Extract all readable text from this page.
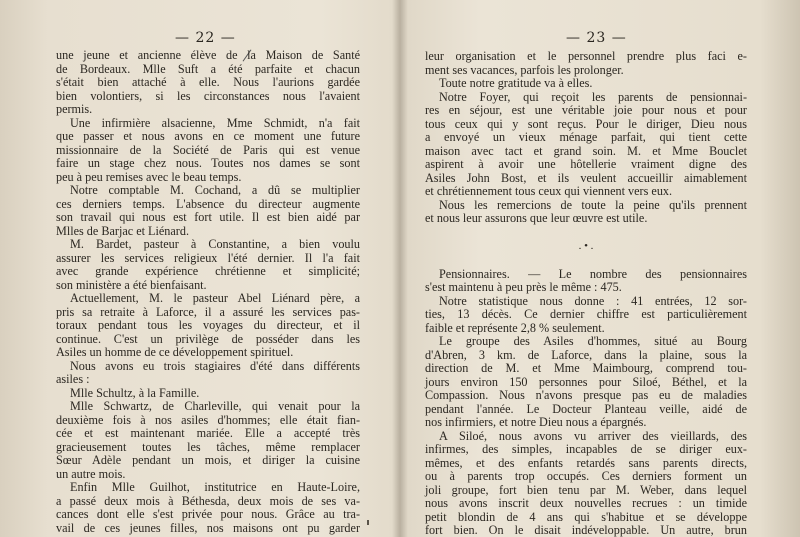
— 22 —
une jeune et ancienne élève de la Maison de Santé
de Bordeaux. Mlle Suft a été parfaite et chacun
s'était bien attaché à elle. Nous l'aurions gardée
bien volontiers, si les circonstances nous l'avaient
permis.
Une infirmière alsacienne, Mme Schmidt, n'a fait
que passer et nous avons en ce moment une future
missionnaire de la Société de Paris qui est venue
faire un stage chez nous. Toutes nos dames se sont
peu à peu remises avec le beau temps.
Notre comptable M. Cochand, a dû se multiplier
ces derniers temps. L'absence du directeur augmente
son travail qui nous est fort utile. Il est bien aidé par
Mlles de Barjac et Liénard.
M. Bardet, pasteur à Constantine, a bien voulu
assurer les services religieux l'été dernier. Il l'a fait
avec grande expérience chrétienne et simplicité;
son ministère a été bienfaisant.
Actuellement, M. le pasteur Abel Liénard père, a
pris sa retraite à Laforce, il a assuré les services pas-
toraux pendant tous les voyages du directeur, et il
continue. C'est un privilège de posséder dans les
Asiles un homme de ce développement spirituel.
Nous avons eu trois stagiaires d'été dans différents
asiles :
Mlle Schultz, à la Famille.
Mlle Schwartz, de Charleville, qui venait pour la
deuxième fois à nos asiles d'hommes; elle était fian-
cée et est maintenant mariée. Elle a accepté très
gracieusement toutes les tâches, même remplacer
Sœur Adèle pendant un mois, et diriger la cuisine
un autre mois.
Enfin Mlle Guilhot, institutrice en Haute-Loire,
a passé deux mois à Béthesda, deux mois de ses va-
cances dont elle s'est privée pour nous. Grâce au tra-
vail de ces jeunes filles, nos maisons ont pu garder
— 23 —
leur organisation et le personnel prendre plus faci e-
ment ses vacances, parfois les prolonger.
Toute notre gratitude va à elles.
Notre Foyer, qui reçoit les parents de pensionnai-
res en séjour, est une véritable joie pour nous et pour
tous ceux qui y sont reçus. Pour le diriger, Dieu nous
a envoyé un vieux ménage parfait, qui tient cette
maison avec tact et grand soin. M. et Mme Bouclet
aspirent à avoir une hôtellerie vraiment digne des
Asiles John Bost, et ils veulent accueillir aimablement
et chrétiennement tous ceux qui viennent vers eux.
Nous les remercions de toute la peine qu'ils prennent
et nous leur assurons que leur œuvre est utile.
. • .
Pensionnaires. — Le nombre des pensionnaires
s'est maintenu à peu près le même : 475.
Notre statistique nous donne : 41 entrées, 12 sor-
ties, 13 décès. Ce dernier chiffre est particulièrement
faible et représente 2,8 % seulement.
Le groupe des Asiles d'hommes, situé au Bourg
d'Abren, 3 km. de Laforce, dans la plaine, sous la
direction de M. et Mme Maimbourg, comprend tou-
jours environ 150 personnes pour Siloé, Béthel, et la
Compassion. Nous n'avons presque pas eu de maladies
pendant l'année. Le Docteur Planteau veille, aidé de
nos infirmiers, et notre Dieu nous a épargnés.
A Siloé, nous avons vu arriver des vieillards, des
infirmes, des simples, incapables de se diriger eux-
mêmes, et des enfants retardés sans parents directs,
ou à parents trop occupés. Ces derniers forment un
joli groupe, fort bien tenu par M. Weber, dans lequel
nous avons inscrit deux nouvelles recrues : un timide
petit blondin de 4 ans qui s'habitue et se développe
fort bien. On le disait indéveloppable. Un autre, brun
